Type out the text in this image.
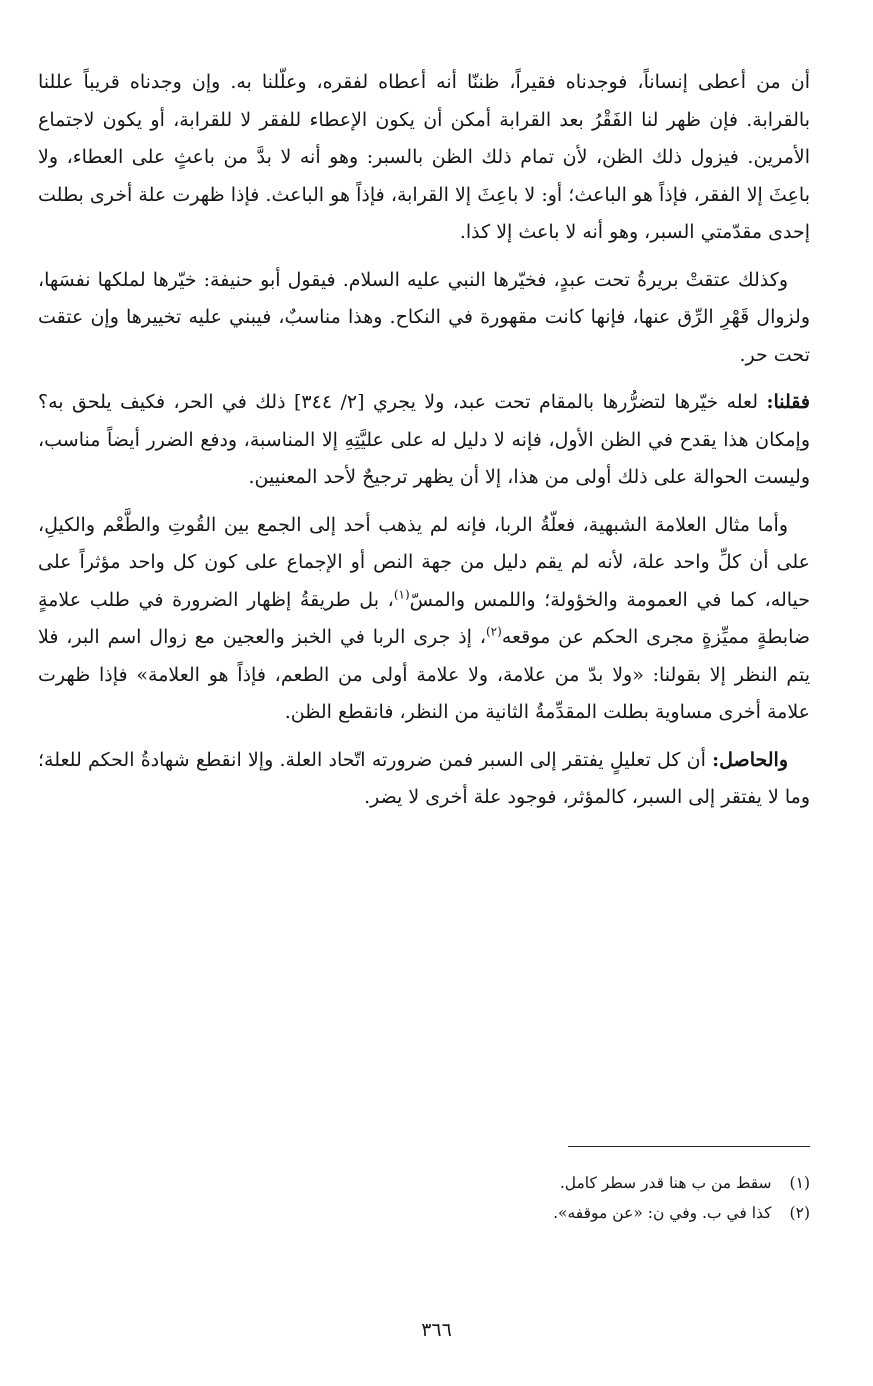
أن من أعطى إنساناً، فوجدناه فقيراً، ظننّا أنه أعطاه لفقره، وعلّلنا به. وإن وجدناه قريباً عللنا بالقرابة. فإن ظهر لنا الفَقْرُ بعد القرابة أمكن أن يكون الإعطاء للفقر لا للقرابة، أو يكون لاجتماع الأمرين. فيزول ذلك الظن، لأن تمام ذلك الظن بالسبر: وهو أنه لا بدَّ من باعثٍ على العطاء، ولا باعِثَ إلا الفقر، فإذاً هو الباعث؛ أو: لا باعِثَ إلا القرابة، فإذاً هو الباعث. فإذا ظهرت علة أخرى بطلت إحدى مقدّمتي السبر، وهو أنه لا باعث إلا كذا.

وكذلك عتقتْ بريرةُ تحت عبدٍ، فخيّرها النبي عليه السلام. فيقول أبو حنيفة: خيّرها لملكها نفسَها، ولزوال قَهْرِ الرِّق عنها، فإنها كانت مقهورة في النكاح. وهذا مناسبٌ، فيبني عليه تخييرها وإن عتقت تحت حر.

فقلنا: لعله خيّرها لتضرُّرها بالمقام تحت عبد، ولا يجري [٢/ ٣٤٤] ذلك في الحر، فكيف يلحق به؟ وإمكان هذا يقدح في الظن الأول، فإنه لا دليل له على عليَّتِهِ إلا المناسبة، ودفع الضرر أيضاً مناسب، وليست الحوالة على ذلك أولى من هذا، إلا أن يظهر ترجيحٌ لأحد المعنيين.

وأما مثال العلامة الشبهية، فعلّةُ الربا، فإنه لم يذهب أحد إلى الجمع بين القُوتِ والطَّعْم والكيلِ، على أن كلِّ واحد علة، لأنه لم يقم دليل من جهة النص أو الإجماع على كون كل واحد مؤثراً على حياله، كما في العمومة والخؤولة؛ واللمس والمسّ$^{(١)}$، بل طريقةُ إظهار الضرورة في طلب علامةٍ ضابطةٍ مميِّزةٍ مجرى الحكم عن موقعه$^{(٢)}$، إذ جرى الربا في الخبز والعجين مع زوال اسم البر، فلا يتم النظر إلا بقولنا: «ولا بدّ من علامة، ولا علامة أولى من الطعم، فإذاً هو العلامة» فإذا ظهرت علامة أخرى مساوية بطلت المقدِّمةُ الثانية من النظر، فانقطع الظن.

والحاصل: أن كل تعليلٍ يفتقر إلى السبر فمن ضرورته اتّحاد العلة. وإلا انقطع شهادةُ الحكم للعلة؛ وما لا يفتقر إلى السبر، كالمؤثر، فوجود علة أخرى لا يضر.

(١)سقط من ب هنا قدر سطر كامل.
(٢)كذا في ب. وفي ن: «عن موقفه».
٣٦٦
